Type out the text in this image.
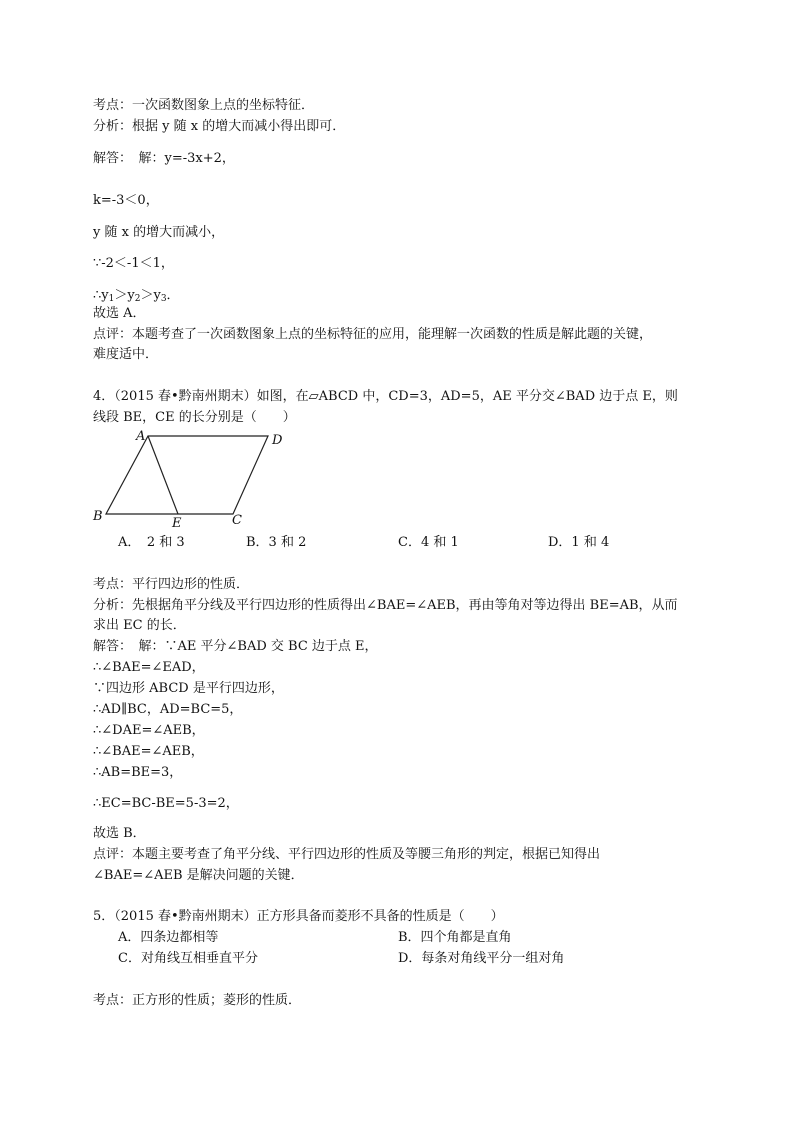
考点：一次函数图象上点的坐标特征．
分析：根据 y 随 x 的增大而减小得出即可．
解答：　解：y=-3x+2，
k=-3＜0，
y 随 x 的增大而减小，
∵-2＜-1＜1，
$\therefore y_1>y_2>y_3$．
故选 A．
点评：本题考查了一次函数图象上点的坐标特征的应用，能理解一次函数的性质是解此题的关键，
难度适中．
4．（2015 春•黔南州期末）如图，在▱ABCD 中，CD=3，AD=5，AE 平分交∠BAD 边于点 E，则
线段 BE，CE 的长分别是（　　）
A	D
B	E	C
A．　2 和 3	B．3 和 2	C．4 和 1	D．1 和 4
考点：平行四边形的性质．
分析：先根据角平分线及平行四边形的性质得出∠BAE=∠AEB，再由等角对等边得出 BE=AB，从而
求出 EC 的长．
解答：　解：∵AE 平分∠BAD 交 BC 边于点 E，
∴∠BAE=∠EAD，
∵四边形 ABCD 是平行四边形，
∴AD∥BC，AD=BC=5，
∴∠DAE=∠AEB，
∴∠BAE=∠AEB，
∴AB=BE=3，
∴EC=BC-BE=5-3=2，
故选 B．
点评：本题主要考查了角平分线、平行四边形的性质及等腰三角形的判定，根据已知得出
∠BAE=∠AEB 是解决问题的关键．
5．（2015 春•黔南州期末）正方形具备而菱形不具备的性质是（　　）
A．四条边都相等	B．四个角都是直角
C．对角线互相垂直平分	D．每条对角线平分一组对角
考点：正方形的性质；菱形的性质．
